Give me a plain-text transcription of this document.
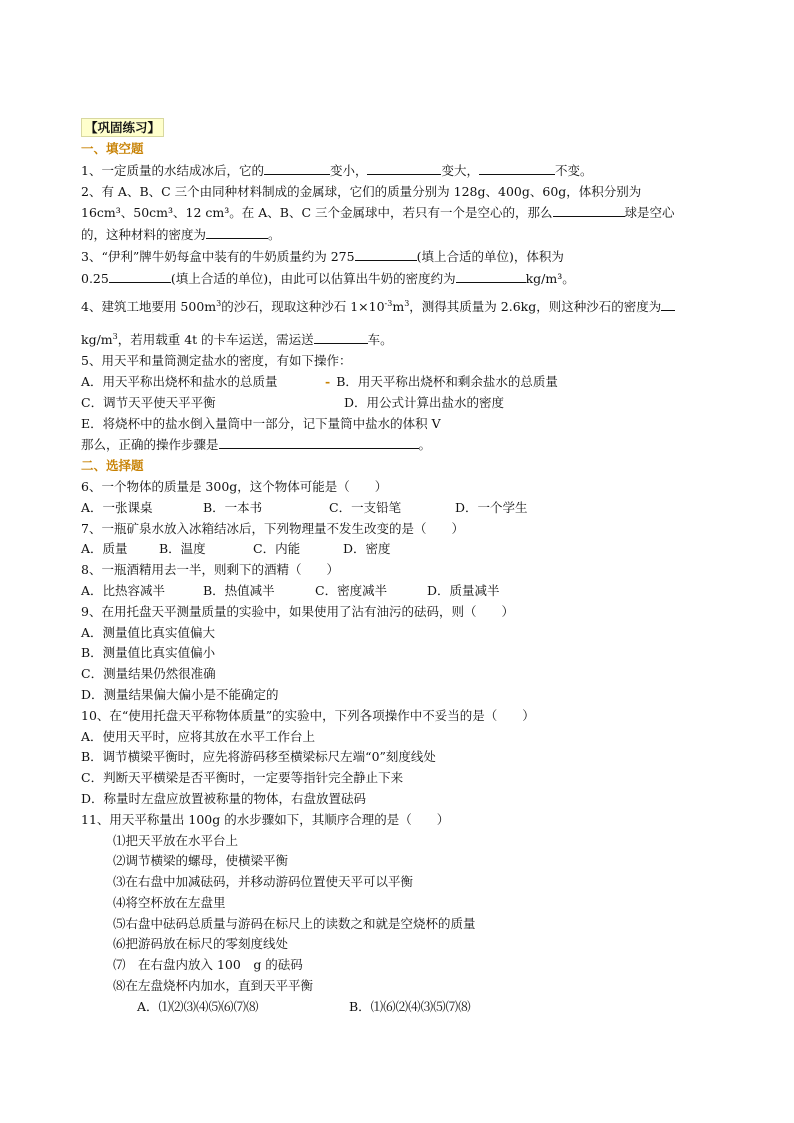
【巩固练习】
一、填空题
1、一定质量的水结成冰后，它的	变小，	变大，	不变。
2、有 A、B、C 三个由同种材料制成的金属球，它们的质量分别为 128g、400g、60g，体积分别为
16cm³、50cm³、12 cm³。在 A、B、C 三个金属球中，若只有一个是空心的，那么	球是空心
的，这种材料的密度为	。
3、“伊利”牌牛奶每盒中装有的牛奶质量约为 275	(填上合适的单位)，体积为
0.25	(填上合适的单位)，由此可以估算出牛奶的密度约为	kg/m³。
4、建筑工地要用 $500m^3$的沙石，现取这种沙石 $1\times 10^{-3}m^3$，测得其质量为 2.6kg，则这种沙石的密度为
$kg/m^3$，若用载重 4t 的卡车运送，需运送	车。
5、用天平和量筒测定盐水的密度，有如下操作：
A．用天平称出烧杯和盐水的总质量	- B．用天平称出烧杯和剩余盐水的总质量
C．调节天平使天平平衡	D．用公式计算出盐水的密度
E．将烧杯中的盐水倒入量筒中一部分，记下量筒中盐水的体积 V
那么，正确的操作步骤是	。
二、选择题
6、一个物体的质量是 300g，这个物体可能是（　　）
A．一张课桌	B．一本书	C．一支铅笔	D．一个学生
7、一瓶矿泉水放入冰箱结冰后，下列物理量不发生改变的是（　　）
A．质量	B．温度	C．内能	D．密度
8、一瓶酒精用去一半，则剩下的酒精（　　）
A．比热容减半	B．热值减半	C．密度减半	D．质量减半
9、在用托盘天平测量质量的实验中，如果使用了沾有油污的砝码，则（　　）
A．测量值比真实值偏大
B．测量值比真实值偏小
C．测量结果仍然很准确
D．测量结果偏大偏小是不能确定的
10、在“使用托盘天平称物体质量”的实验中，下列各项操作中不妥当的是（　　）
A．使用天平时，应将其放在水平工作台上
B．调节横梁平衡时，应先将游码移至横梁标尺左端“0”刻度线处
C．判断天平横梁是否平衡时，一定要等指针完全静止下来
D．称量时左盘应放置被称量的物体，右盘放置砝码
11、用天平称量出 100g 的水步骤如下，其顺序合理的是（　　）
⑴把天平放在水平台上
⑵调节横梁的螺母，使横梁平衡
⑶在右盘中加减砝码，并移动游码位置使天平可以平衡
⑷将空杯放在左盘里
⑸右盘中砝码总质量与游码在标尺上的读数之和就是空烧杯的质量
⑹把游码放在标尺的零刻度线处
⑺　在右盘内放入 100　g 的砝码
⑻在左盘烧杯内加水，直到天平平衡
A．⑴⑵⑶⑷⑸⑹⑺⑻	B．⑴⑹⑵⑷⑶⑸⑺⑻
